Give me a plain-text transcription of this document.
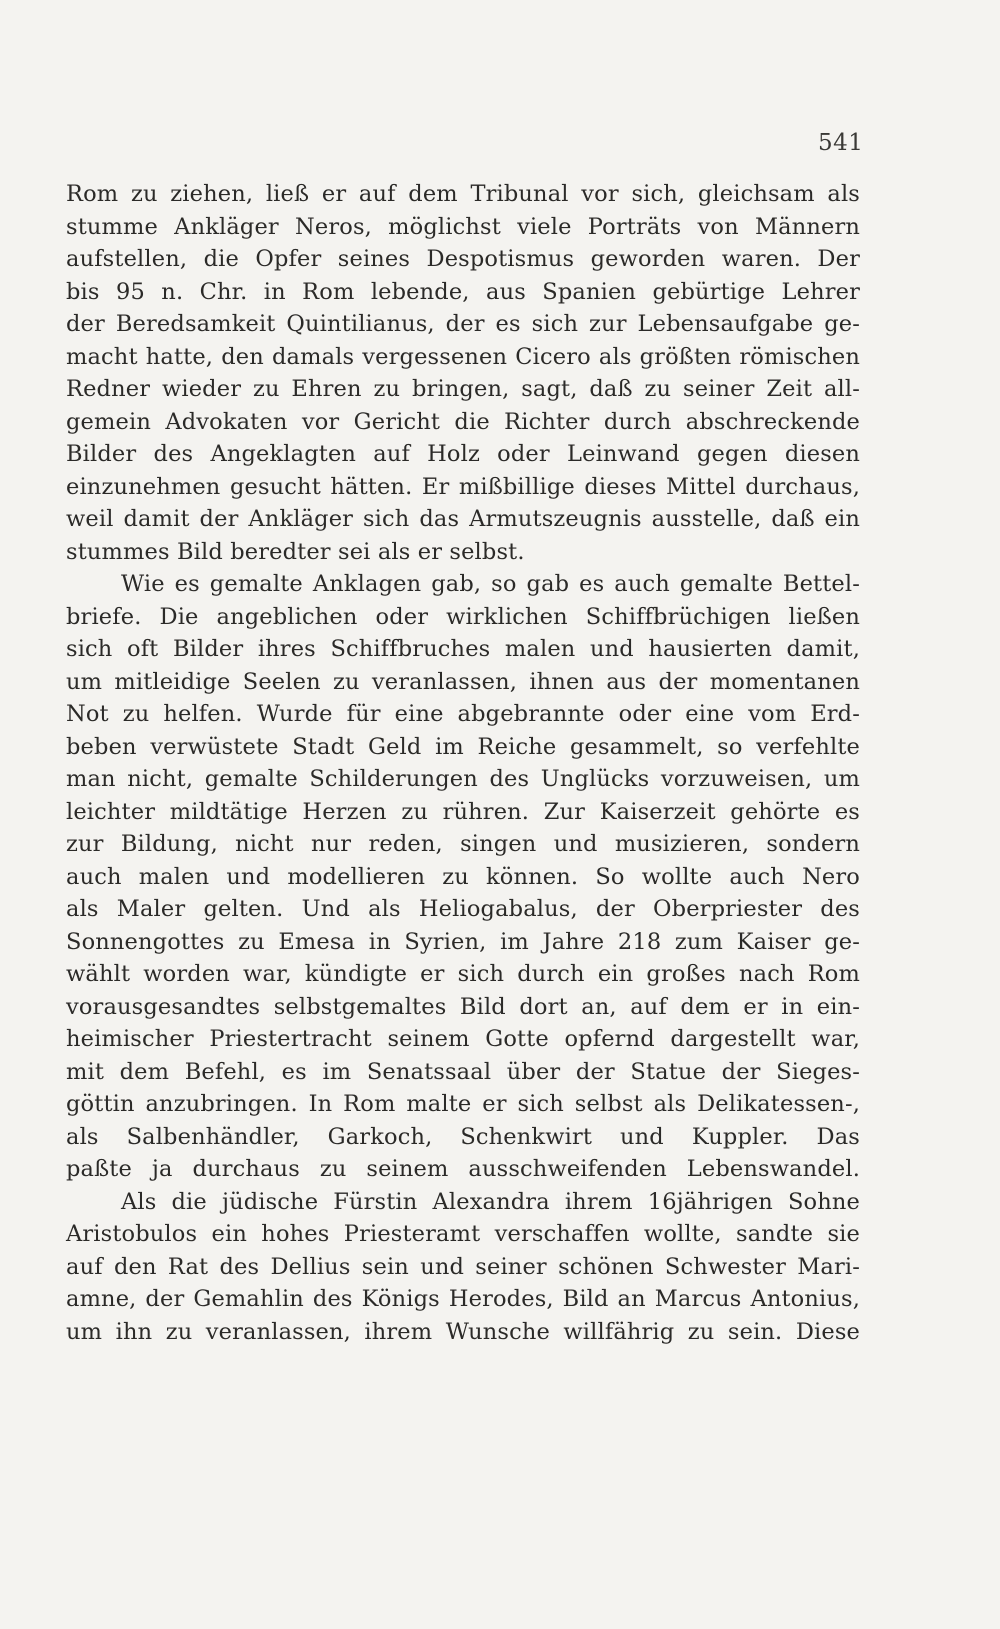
541
Rom zu ziehen, ließ er auf dem Tribunal vor sich, gleichsam als
stumme Ankläger Neros, möglichst viele Porträts von Männern
aufstellen, die Opfer seines Despotismus geworden waren. Der
bis 95 n. Chr. in Rom lebende, aus Spanien gebürtige Lehrer
der Beredsamkeit Quintilianus, der es sich zur Lebensaufgabe ge-
macht hatte, den damals vergessenen Cicero als größten römischen
Redner wieder zu Ehren zu bringen, sagt, daß zu seiner Zeit all-
gemein Advokaten vor Gericht die Richter durch abschreckende
Bilder des Angeklagten auf Holz oder Leinwand gegen diesen
einzunehmen gesucht hätten. Er mißbillige dieses Mittel durchaus,
weil damit der Ankläger sich das Armutszeugnis ausstelle, daß ein
stummes Bild beredter sei als er selbst.
Wie es gemalte Anklagen gab, so gab es auch gemalte Bettel-
briefe. Die angeblichen oder wirklichen Schiffbrüchigen ließen
sich oft Bilder ihres Schiffbruches malen und hausierten damit,
um mitleidige Seelen zu veranlassen, ihnen aus der momentanen
Not zu helfen. Wurde für eine abgebrannte oder eine vom Erd-
beben verwüstete Stadt Geld im Reiche gesammelt, so verfehlte
man nicht, gemalte Schilderungen des Unglücks vorzuweisen, um
leichter mildtätige Herzen zu rühren. Zur Kaiserzeit gehörte es
zur Bildung, nicht nur reden, singen und musizieren, sondern
auch malen und modellieren zu können. So wollte auch Nero
als Maler gelten. Und als Heliogabalus, der Oberpriester des
Sonnengottes zu Emesa in Syrien, im Jahre 218 zum Kaiser ge-
wählt worden war, kündigte er sich durch ein großes nach Rom
vorausgesandtes selbstgemaltes Bild dort an, auf dem er in ein-
heimischer Priestertracht seinem Gotte opfernd dargestellt war,
mit dem Befehl, es im Senatssaal über der Statue der Sieges-
göttin anzubringen. In Rom malte er sich selbst als Delikatessen-,
als Salbenhändler, Garkoch, Schenkwirt und Kuppler. Das
paßte ja durchaus zu seinem ausschweifenden Lebenswandel.
Als die jüdische Fürstin Alexandra ihrem 16jährigen Sohne
Aristobulos ein hohes Priesteramt verschaffen wollte, sandte sie
auf den Rat des Dellius sein und seiner schönen Schwester Mari-
amne, der Gemahlin des Königs Herodes, Bild an Marcus Antonius,
um ihn zu veranlassen, ihrem Wunsche willfährig zu sein. Diese
